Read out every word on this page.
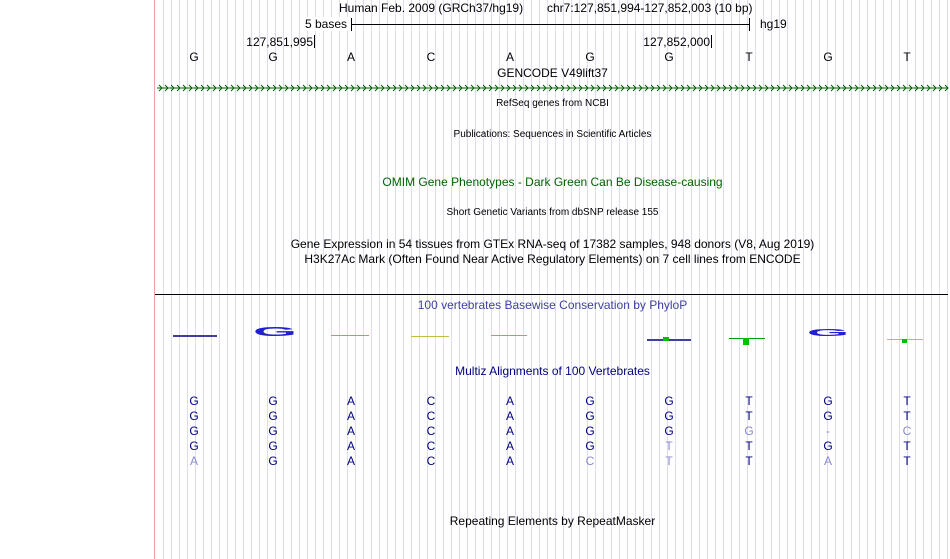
Human Feb. 2009 (GRCh37/hg19) chr7:127,851,994-127,852,003 (10 bp)
5 bases	hg19
127,851,995	127,852,000
G	G	A	C	A	G	G	T	G	T
GENCODE V49lift37
RefSeq genes from NCBI
Publications: Sequences in Scientific Articles
OMIM Gene Phenotypes - Dark Green Can Be Disease-causing
Short Genetic Variants from dbSNP release 155
Gene Expression in 54 tissues from GTEx RNA-seq of 17382 samples, 948 donors (V8, Aug 2019)
H3K27Ac Mark (Often Found Near Active Regulatory Elements) on 7 cell lines from ENCODE
100 vertebrates Basewise Conservation by PhyloP
G	G
Multiz Alignments of 100 Vertebrates
G	G	A	C	A	G	G	T	G	T
G	G	A	C	A	G	G	T	G	T
G	G	A	C	A	G	G	G	-	C
G	G	A	C	A	G	T	T	G	T
A	G	A	C	A	C	T	T	A	T
Repeating Elements by RepeatMasker
